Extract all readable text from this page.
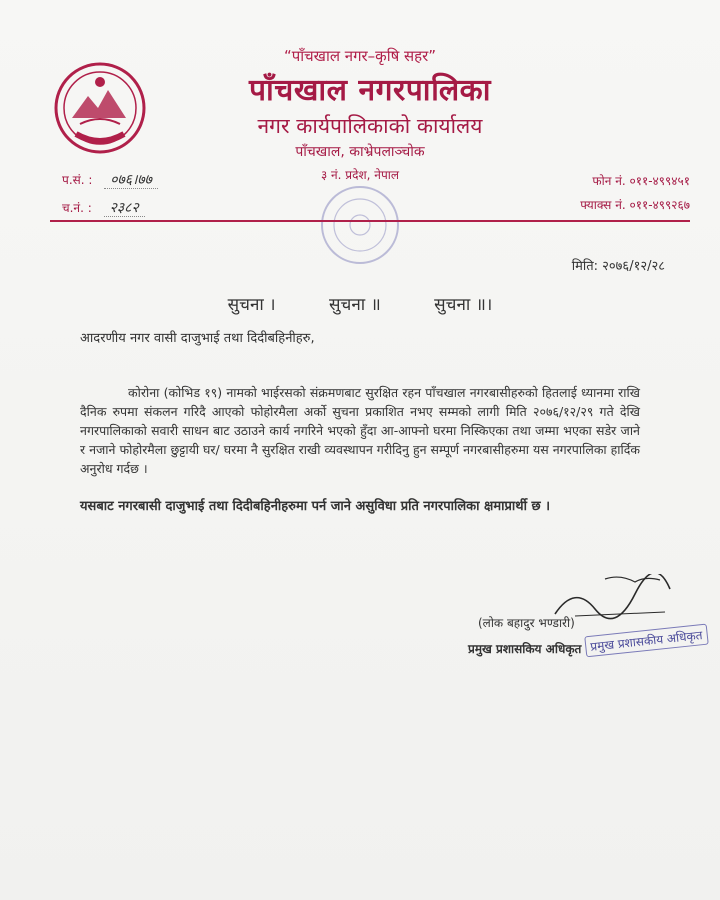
“पाँचखाल नगर–कृषि सहर”
पाँचखाल नगरपालिका
नगर कार्यपालिकाको कार्यालय
पाँचखाल, काभ्रेपलाञ्चोक
३ नं. प्रदेश, नेपाल
प.सं. : ०७६।७७
च.नं. : २३८२
फोन नं. ०११-४९९४५१
फ्याक्स नं. ०११-४९९२६७
मिति: २०७६/१२/२८
सुचना ।	सुचना ॥	सुचना ॥।
आदरणीय नगर वासी दाजुभाई तथा दिदीबहिनीहरु,
कोरोना (कोभिड १९) नामको भाईरसको संक्रमणबाट सुरक्षित रहन पाँचखाल नगरबासीहरुको हितलाई ध्यानमा राखि दैनिक रुपमा संकलन गरिदै आएको फोहोरमैला अर्को सुचना प्रकाशित नभए सम्मको लागी मिति २०७६/१२/२९ गते देखि नगरपालिकाको सवारी साधन बाट उठाउने कार्य नगरिने भएको हुँदा आ-आफ्नो घरमा निस्किएका तथा जम्मा भएका सडेर जाने र नजाने फोहोरमैला छुट्टायी घर/ घरमा नै सुरक्षित राखी व्यवस्थापन गरीदिनु हुन सम्पूर्ण नगरबासीहरुमा यस नगरपालिका हार्दिक अनुरोध गर्दछ ।
यसबाट नगरबासी दाजुभाई तथा दिदीबहिनीहरुमा पर्न जाने असुविधा प्रति नगरपालिका क्षमाप्रार्थी छ ।
(लोक बहादुर भण्डारी)
प्रमुख प्रशासकिय अधिकृत प्रमुख प्रशासकीय अधिकृत
